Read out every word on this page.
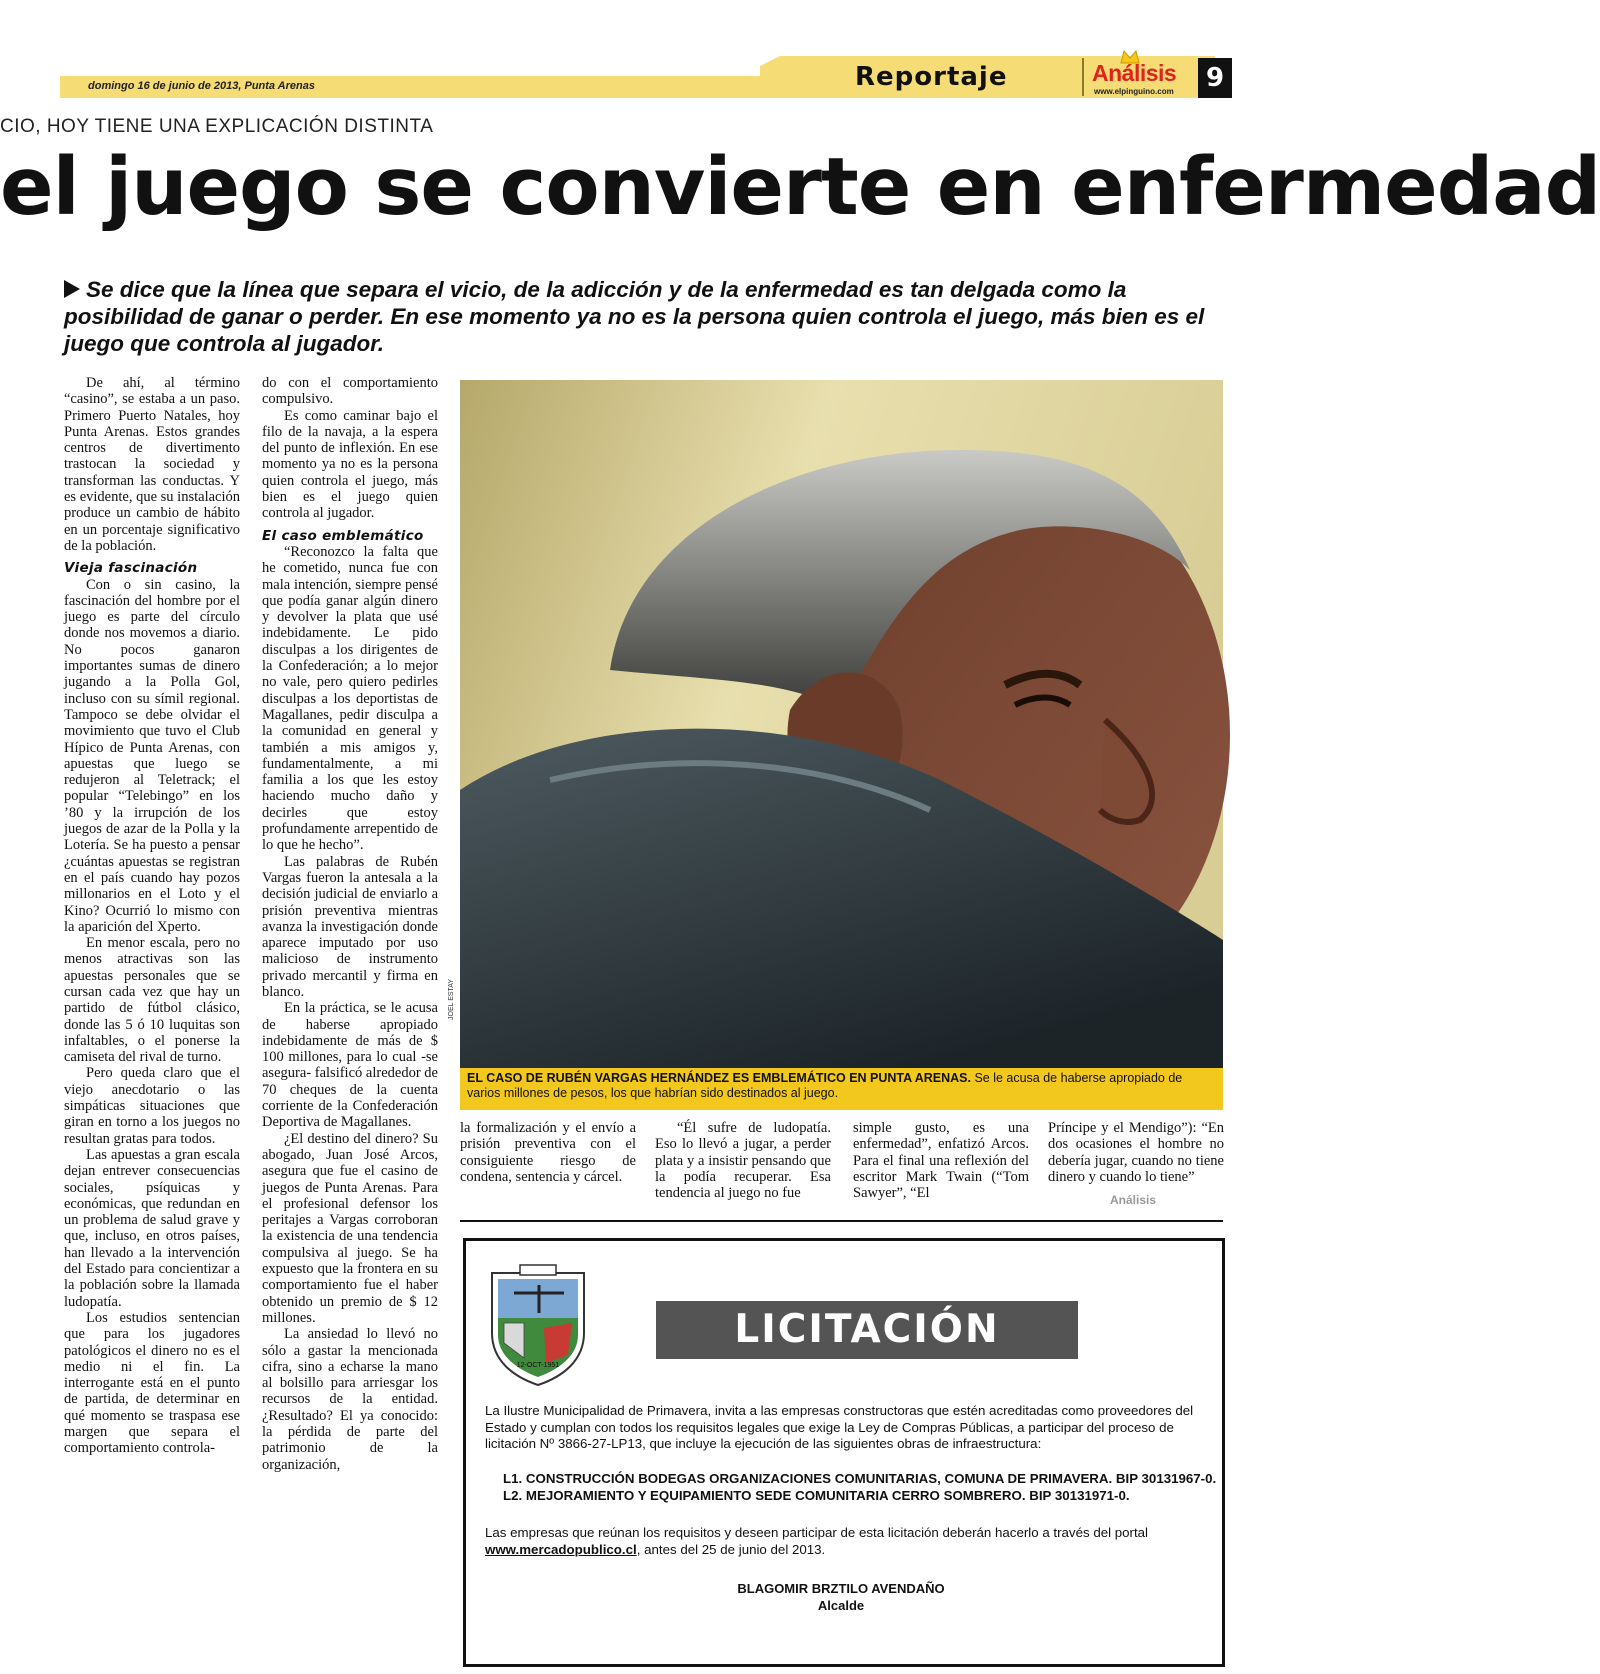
domingo 16 de junio de 2013, Punta Arenas	Reportaje	Análisis
www.elpinguino.com	9
CIO, HOY TIENE UNA EXPLICACIÓN DISTINTA
el juego se convierte en enfermedad
Se dice que la línea que separa el vicio, de la adicción y de la enfermedad es tan delgada como la posibilidad de ganar o perder. En ese momento ya no es la persona quien controla el juego, más bien es el juego que controla al jugador.

De ahí, al término “casino”, se estaba a un paso. Primero Puerto Natales, hoy Punta Arenas. Estos grandes centros de divertimento trastocan la sociedad y transforman las conductas. Y es evidente, que su instalación produce un cambio de hábito en un porcentaje significativo de la población.

Vieja fascinación

Con o sin casino, la fascinación del hombre por el juego es parte del círculo donde nos movemos a diario. No pocos ganaron importantes sumas de dinero jugando a la Polla Gol, incluso con su símil regional. Tampoco se debe olvidar el movimiento que tuvo el Club Hípico de Punta Arenas, con apuestas que luego se redujeron al Teletrack; el popular “Telebingo” en los ’80 y la irrupción de los juegos de azar de la Polla y la Lotería. Se ha puesto a pensar ¿cuántas apuestas se registran en el país cuando hay pozos millonarios en el Loto y el Kino? Ocurrió lo mismo con la aparición del Xperto.

En menor escala, pero no menos atractivas son las apuestas personales que se cursan cada vez que hay un partido de fútbol clásico, donde las 5 ó 10 luquitas son infaltables, o el ponerse la camiseta del rival de turno.

Pero queda claro que el viejo anecdotario o las simpáticas situaciones que giran en torno a los juegos no resultan gratas para todos.

Las apuestas a gran escala dejan entrever consecuencias sociales, psíquicas y económicas, que redundan en un problema de salud grave y que, incluso, en otros países, han llevado a la intervención del Estado para concientizar a la población sobre la llamada ludopatía.

Los estudios sentencian que para los jugadores patológicos el dinero no es el medio ni el fin. La interrogante está en el punto de partida, de determinar en qué momento se traspasa ese margen que separa el comportamiento controla-

do con el comportamiento compulsivo.

Es como caminar bajo el filo de la navaja, a la espera del punto de inflexión. En ese momento ya no es la persona quien controla el juego, más bien es el juego quien controla al jugador.

El caso emblemático

“Reconozco la falta que he cometido, nunca fue con mala intención, siempre pensé que podía ganar algún dinero y devolver la plata que usé indebidamente. Le pido disculpas a los dirigentes de la Confederación; a lo mejor no vale, pero quiero pedirles disculpas a los deportistas de Magallanes, pedir disculpa a la comunidad en general y también a mis amigos y, fundamentalmente, a mi familia a los que les estoy haciendo mucho daño y decirles que estoy profundamente arrepentido de lo que he hecho”.

Las palabras de Rubén Vargas fueron la antesala a la decisión judicial de enviarlo a prisión preventiva mientras avanza la investigación donde aparece imputado por uso malicioso de instrumento privado mercantil y firma en blanco.

En la práctica, se le acusa de haberse apropiado indebidamente de más de $ 100 millones, para lo cual -se asegura- falsificó alrededor de 70 cheques de la cuenta corriente de la Confederación Deportiva de Magallanes.

¿El destino del dinero? Su abogado, Juan José Arcos, asegura que fue el casino de juegos de Punta Arenas. Para el profesional defensor los peritajes a Vargas corroboran la existencia de una tendencia compulsiva al juego. Se ha expuesto que la frontera en su comportamiento fue el haber obtenido un premio de $ 12 millones.

La ansiedad lo llevó no sólo a gastar la mencionada cifra, sino a echarse la mano al bolsillo para arriesgar los recursos de la entidad. ¿Resultado? El ya conocido: la pérdida de parte del patrimonio de la organización,

JOEL ESTAY
EL CASO DE RUBÉN VARGAS HERNÁNDEZ ES EMBLEMÁTICO EN PUNTA ARENAS. Se le acusa de haberse apropiado de varios millones de pesos, los que habrían sido destinados al juego.

la formalización y el envío a prisión preventiva con el consiguiente riesgo de condena, sentencia y cárcel.

“Él sufre de ludopatía. Eso lo llevó a jugar, a perder plata y a insistir pensando que la podía recuperar. Esa tendencia al juego no fue

simple gusto, es una enfermedad”, enfatizó Arcos. Para el final una reflexión del escritor Mark Twain (“Tom Sawyer”, “El

Príncipe y el Mendigo”): “En dos ocasiones el hombre no debería jugar, cuando no tiene dinero y cuando lo tiene”

Análisis
12-OCT-1951
LICITACIÓN PÚBLICA
La Ilustre Municipalidad de Primavera, invita a las empresas constructoras que estén acreditadas como proveedores del Estado y cumplan con todos los requisitos legales que exige la Ley de Compras Públicas, a participar del proceso de licitación Nº 3866-27-LP13, que incluye la ejecución de las siguientes obras de infraestructura:
L1. CONSTRUCCIÓN BODEGAS ORGANIZACIONES COMUNITARIAS, COMUNA DE PRIMAVERA. BIP 30131967-0.
L2. MEJORAMIENTO Y EQUIPAMIENTO SEDE COMUNITARIA CERRO SOMBRERO. BIP 30131971-0.
Las empresas que reúnan los requisitos y deseen participar de esta licitación deberán hacerlo a través del portal www.mercadopublico.cl, antes del 25 de junio del 2013.
BLAGOMIR BRZTILO AVENDAÑO
Alcalde
